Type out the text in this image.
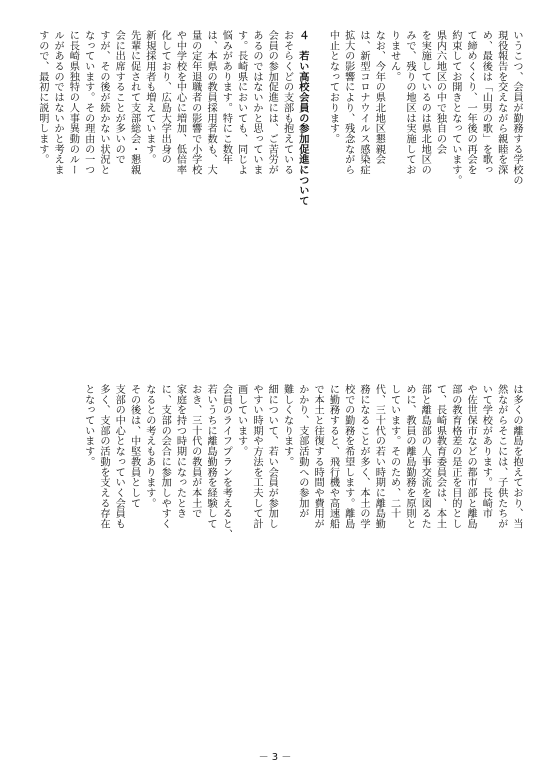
いうこつ、会員が勤務する学校の

現役報告を交えながら親睦を深

め、最後は「山男の歌」を歌っ

て締めくくり、一年後の再会を

約束してお開きとなっています。

県内六地区の中で独自の会

を実施しているのは県北地区の

みで、残りの地区は実施してお

りません。

なお、今年の県北地区懇親会

は、新型コロナウイルス感染症

拡大の影響により、残念ながら

中止となっております。

４　若い高校会員の参加促進について

おそらくどの支部も抱えている

会員の参加促進には、ご苦労が

あるのではないかと思っていま

す。長崎県においても、同じよ

悩みがあります。特にこ数年

は、本県の教員採用者数も、大

量の定年退職者の影響で小学校

や中学校を中心に増加、低倍率

化しており、広島大学出身の

新規採用者も増えています。

先輩に促されて支部総会・懇親

会に出席することが多いので

すが、その後が続かない状況と

なっています。その理由の一つ

に長崎県独特の人事異動のルー

ルがあるのではないかと考えま

すので、最初に説明します。

は多くの離島を抱えており、当

然ながらそこには、子供たちが

いて学校があります。長崎市

や佐世保市などの都市部と離島

部の教育格差の是正を目的とし

て、長崎県教育委員会は、本土

部と離島部の人事交流を図るた

めに、教員の離島勤務を原則と

しています。そのため、二十

代、三十代の若い時期に離島勤

務になることが多く、本土の学

校での勤務を希望します。離島

に勤務すると、飛行機や高速船

で本土と往復する時間や費用が

かかり、支部活動への参加が

難しくなります。

細について、若い会員が参加し

やすい時期や方法を工夫して計

画しています。

会員のライフプランを考えると、

若いうちに離島勤務を経験して

おき、三十代の教員が本土で

家庭を持つ時期になったとき

に、支部の会合に参加しやすく

なるとの考えもあります。

その後は、中堅教員として

支部の中心となっていく会員も

多く、支部の活動を支える存在

となっています。

－ 3 －
